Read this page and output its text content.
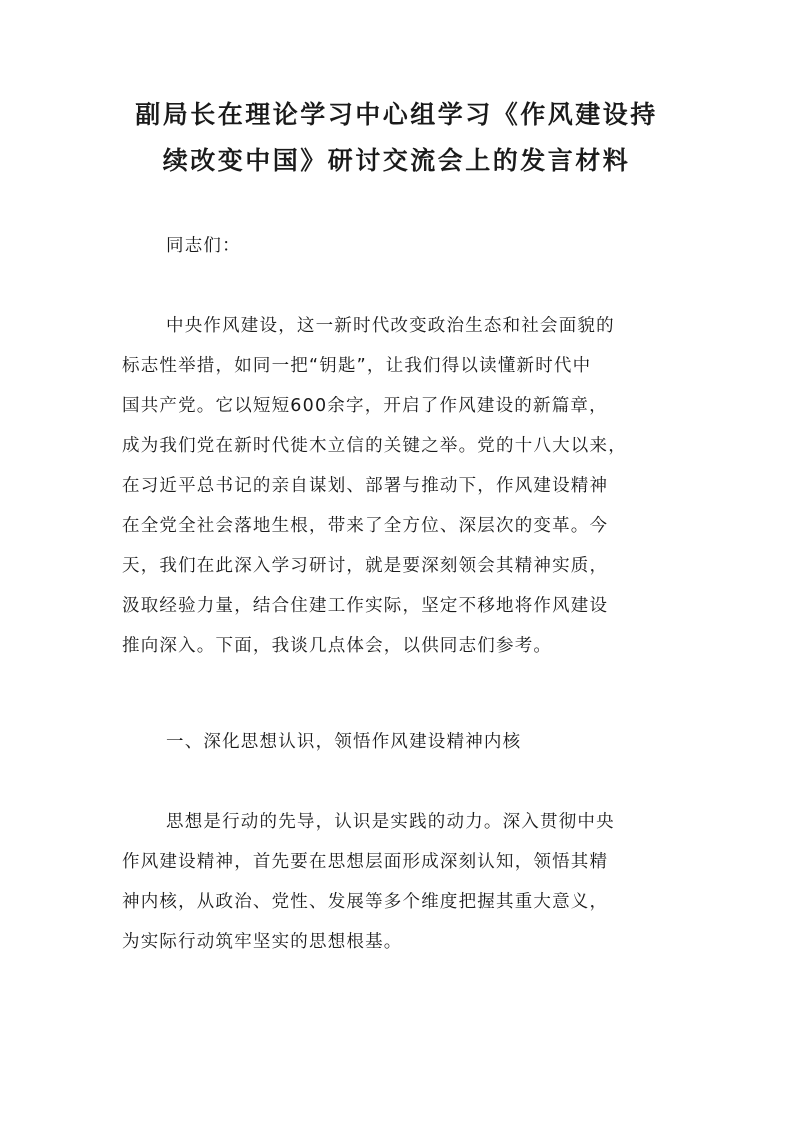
副局长在理论学习中心组学习《作风建设持
续改变中国》研讨交流会上的发言材料

同志们：

中央作风建设，这一新时代改变政治生态和社会面貌的
标志性举措，如同一把“钥匙”，让我们得以读懂新时代中
国共产党。它以短短600余字，开启了作风建设的新篇章，
成为我们党在新时代徙木立信的关键之举。党的十八大以来，
在习近平总书记的亲自谋划、部署与推动下，作风建设精神
在全党全社会落地生根，带来了全方位、深层次的变革。今
天，我们在此深入学习研讨，就是要深刻领会其精神实质，
汲取经验力量，结合住建工作实际，坚定不移地将作风建设
推向深入。下面，我谈几点体会，以供同志们参考。

一、深化思想认识，领悟作风建设精神内核

思想是行动的先导，认识是实践的动力。深入贯彻中央
作风建设精神，首先要在思想层面形成深刻认知，领悟其精
神内核，从政治、党性、发展等多个维度把握其重大意义，
为实际行动筑牢坚实的思想根基。
